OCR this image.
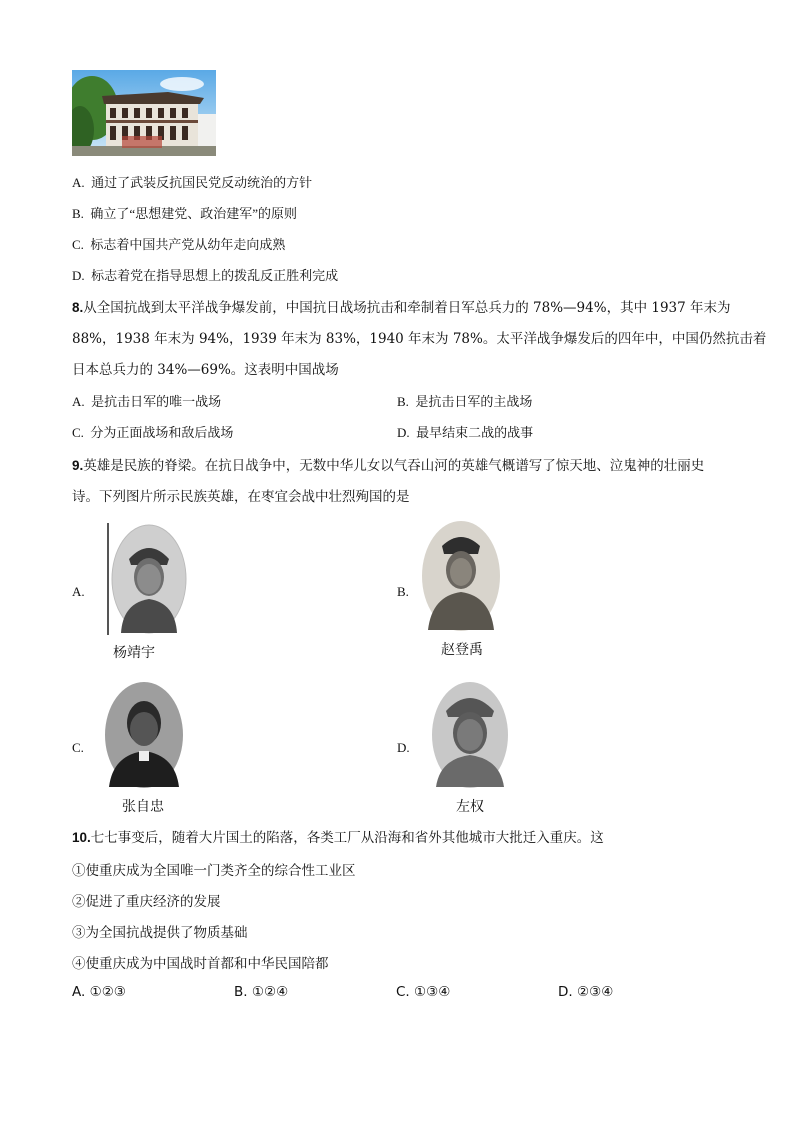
A. 通过了武装反抗国民党反动统治的方针
B. 确立了“思想建党、政治建军”的原则
C. 标志着中国共产党从幼年走向成熟
D. 标志着党在指导思想上的拨乱反正胜利完成
8.从全国抗战到太平洋战争爆发前，中国抗日战场抗击和牵制着日军总兵力的 78%—94%，其中 1937 年末为
88%，1938 年末为 94%，1939 年末为 83%，1940 年末为 78%。太平洋战争爆发后的四年中，中国仍然抗击着
日本总兵力的 34%—69%。这表明中国战场
A. 是抗击日军的唯一战场	B. 是抗击日军的主战场
C. 分为正面战场和敌后战场	D. 最早结束二战的战事
9.英雄是民族的脊梁。在抗日战争中，无数中华儿女以气吞山河的英雄气概谱写了惊天地、泣鬼神的壮丽史
诗。下列图片所示民族英雄，在枣宜会战中壮烈殉国的是
A.
杨靖宇
B.
赵登禹
C.
张自忠
D.
左权
10.七七事变后，随着大片国土的陷落，各类工厂从沿海和省外其他城市大批迁入重庆。这
①使重庆成为全国唯一门类齐全的综合性工业区
②促进了重庆经济的发展
③为全国抗战提供了物质基础
④使重庆成为中国战时首都和中华民国陪都
A. ①②③	B. ①②④	C. ①③④	D. ②③④
